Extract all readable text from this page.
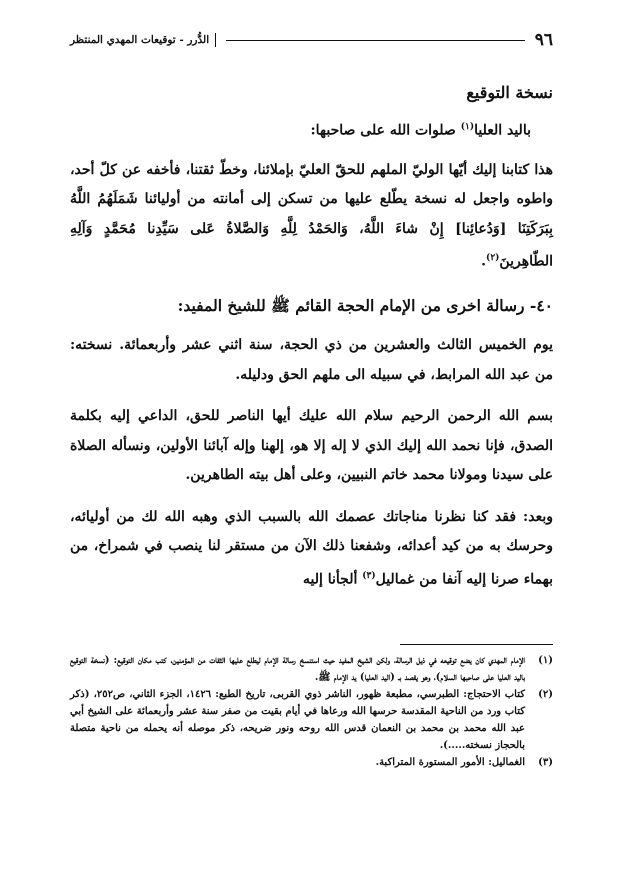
٩٦
الدُّرر - توقيعات المهدي المنتظر

نسخة التوقيع

باليد العليا$^{(١)}$ صلوات الله على صاحبها:

هذا كتابنا إليك أيّها الوليّ الملهم للحقّ العليّ بإملائنا، وخطّ ثقتنا، فأخفه عن كلّ أحد، واطوه واجعل له نسخة يطّلع عليها من تسكن إلى أمانته من أوليائنا شَمَلَهُمُ اللَّهُ بِبَرَكَتِنَا [وَدُعائِنا] إِنْ شاءَ اللَّهُ، وَالحَمْدُ لِلَّهِ وَالصَّلاةُ عَلى سَيِّدِنا مُحَمَّدٍ وَآلِهِ الطّاهِرينَ$^{(٢)}$.

٤٠- رسالة اخرى من الإمام الحجة القائم ﷺ للشيخ المفيد:

يوم الخميس الثالث والعشرين من ذي الحجة، سنة اثني عشر وأربعمائة. نسخته: من عبد الله المرابط، في سبيله الى ملهم الحق ودليله.

بسم الله الرحمن الرحيم سلام الله عليك أيها الناصر للحق، الداعي إليه بكلمة الصدق، فإنا نحمد الله إليك الذي لا إله إلا هو، إلهنا وإله آبائنا الأولين، ونسأله الصلاة على سيدنا ومولانا محمد خاتم النبيين، وعلى أهل بيته الطاهرين.

وبعد: فقد كنا نظرنا مناجاتك عصمك الله بالسبب الذي وهبه الله لك من أوليائه، وحرسك به من كيد أعدائه، وشفعنا ذلك الآن من مستقر لنا ينصب في شمراخ، من بهماء صرنا إليه آنفا من غماليل$^{(٣)}$ ألجأنا إليه

(١)
الإمام المهدي كان يضع توقيعه في ذيل الرسالة، ولكن الشيخ المفيد حيث استنسخ رسالة الإمام ليطلع عليها الثقات من المؤمنين، كتب مكان التوقيع: (نسخة التوقيع باليد العليا على صاحبها السلام)، وهو يقصد بـ (اليد العليا) يد الإمام ﷺ.
(٢)
كتاب الاحتجاج: الطبرسي، مطبعة ظهور، الناشر ذوي القربى، تاريخ الطبع: ١٤٢٦، الجزء الثاني، ص٢٥٢، (ذكر كتاب ورد من الناحية المقدسة حرسها الله ورعاها في أيام بقيت من صفر سنة عشر وأربعمائة على الشيخ أبي عبد الله محمد بن محمد بن النعمان قدس الله روحه ونور ضريحه، ذكر موصله أنه يحمله من ناحية متصلة بالحجاز نسخته.....).
(٣)
الغماليل: الأمور المستورة المتراكبة.
